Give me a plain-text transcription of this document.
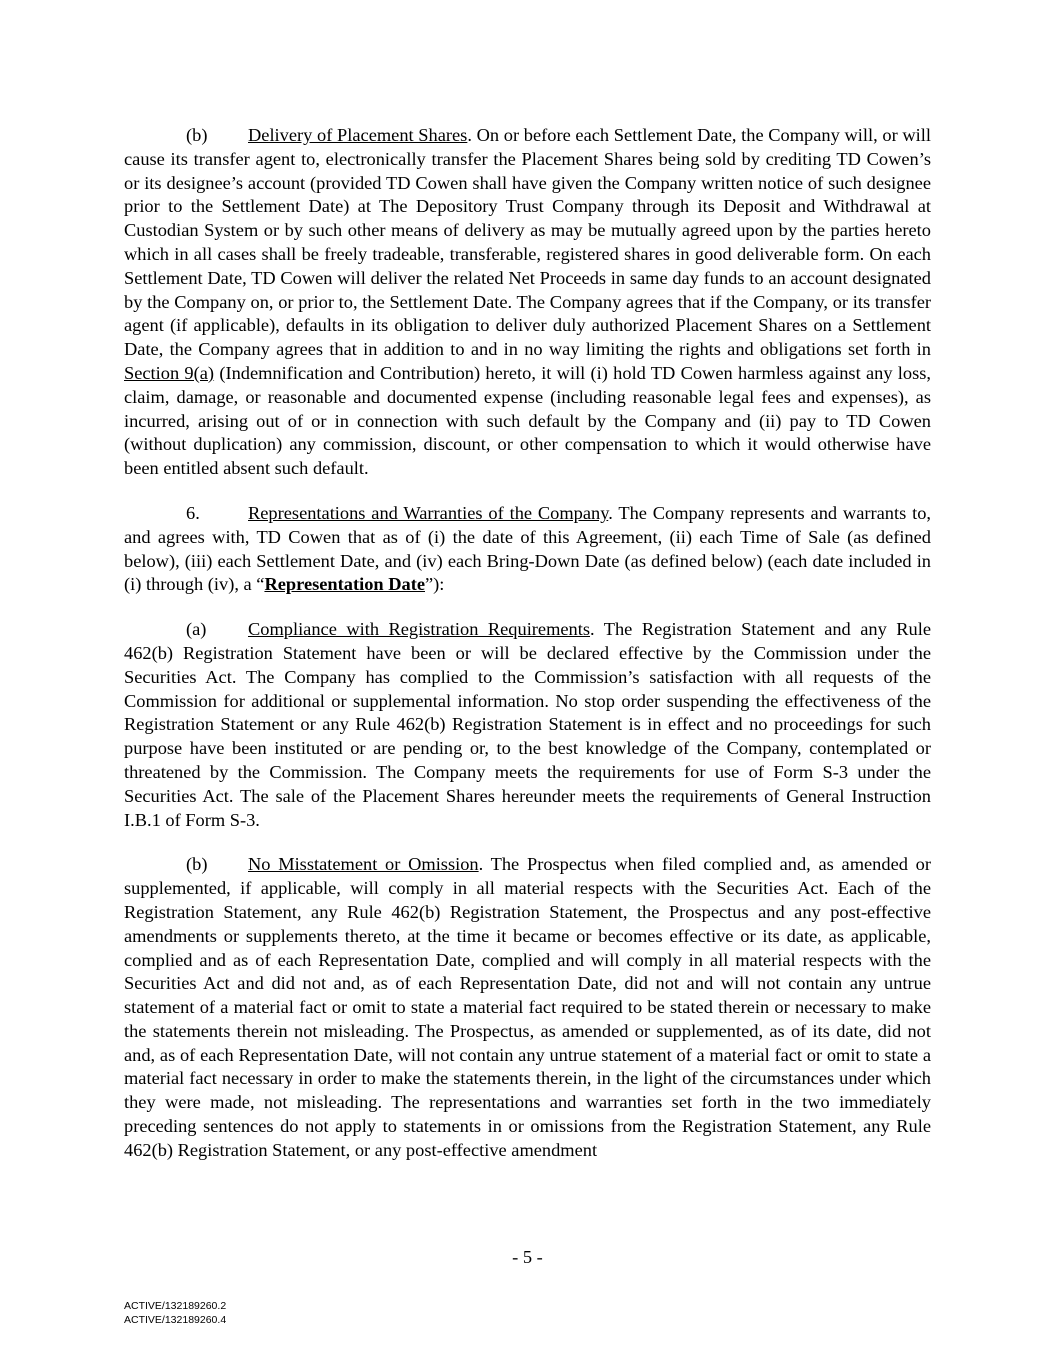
(b) Delivery of Placement Shares. On or before each Settlement Date, the Company will, or will cause its transfer agent to, electronically transfer the Placement Shares being sold by crediting TD Cowen’s or its designee’s account (provided TD Cowen shall have given the Company written notice of such designee prior to the Settlement Date) at The Depository Trust Company through its Deposit and Withdrawal at Custodian System or by such other means of delivery as may be mutually agreed upon by the parties hereto which in all cases shall be freely tradeable, transferable, registered shares in good deliverable form. On each Settlement Date, TD Cowen will deliver the related Net Proceeds in same day funds to an account designated by the Company on, or prior to, the Settlement Date. The Company agrees that if the Company, or its transfer agent (if applicable), defaults in its obligation to deliver duly authorized Placement Shares on a Settlement Date, the Company agrees that in addition to and in no way limiting the rights and obligations set forth in Section 9(a) (Indemnification and Contribution) hereto, it will (i) hold TD Cowen harmless against any loss, claim, damage, or reasonable and documented expense (including reasonable legal fees and expenses), as incurred, arising out of or in connection with such default by the Company and (ii) pay to TD Cowen (without duplication) any commission, discount, or other compensation to which it would otherwise have been entitled absent such default.

6.	Representations and Warranties of the Company. The Company represents and warrants to, and agrees with, TD Cowen that as of (i) the date of this Agreement, (ii) each Time of Sale (as defined below), (iii) each Settlement Date, and (iv) each Bring-Down Date (as defined below) (each date included in (i) through (iv), a “Representation Date”):

(a) Compliance with Registration Requirements. The Registration Statement and any Rule 462(b) Registration Statement have been or will be declared effective by the Commission under the Securities Act. The Company has complied to the Commission’s satisfaction with all requests of the Commission for additional or supplemental information. No stop order suspending the effectiveness of the Registration Statement or any Rule 462(b) Registration Statement is in effect and no proceedings for such purpose have been instituted or are pending or, to the best knowledge of the Company, contemplated or threatened by the Commission. The Company meets the requirements for use of Form S-3 under the Securities Act. The sale of the Placement Shares hereunder meets the requirements of General Instruction I.B.1 of Form S-3.

(b) No Misstatement or Omission. The Prospectus when filed complied and, as amended or supplemented, if applicable, will comply in all material respects with the Securities Act. Each of the Registration Statement, any Rule 462(b) Registration Statement, the Prospectus and any post-effective amendments or supplements thereto, at the time it became or becomes effective or its date, as applicable, complied and as of each Representation Date, complied and will comply in all material respects with the Securities Act and did not and, as of each Representation Date, did not and will not contain any untrue statement of a material fact or omit to state a material fact required to be stated therein or necessary to make the statements therein not misleading. The Prospectus, as amended or supplemented, as of its date, did not and, as of each Representation Date, will not contain any untrue statement of a material fact or omit to state a material fact necessary in order to make the statements therein, in the light of the circumstances under which they were made, not misleading. The representations and warranties set forth in the two immediately preceding sentences do not apply to statements in or omissions from the Registration Statement, any Rule 462(b) Registration Statement, or any post-effective amendment

- 5 -
ACTIVE/132189260.2
ACTIVE/132189260.4
